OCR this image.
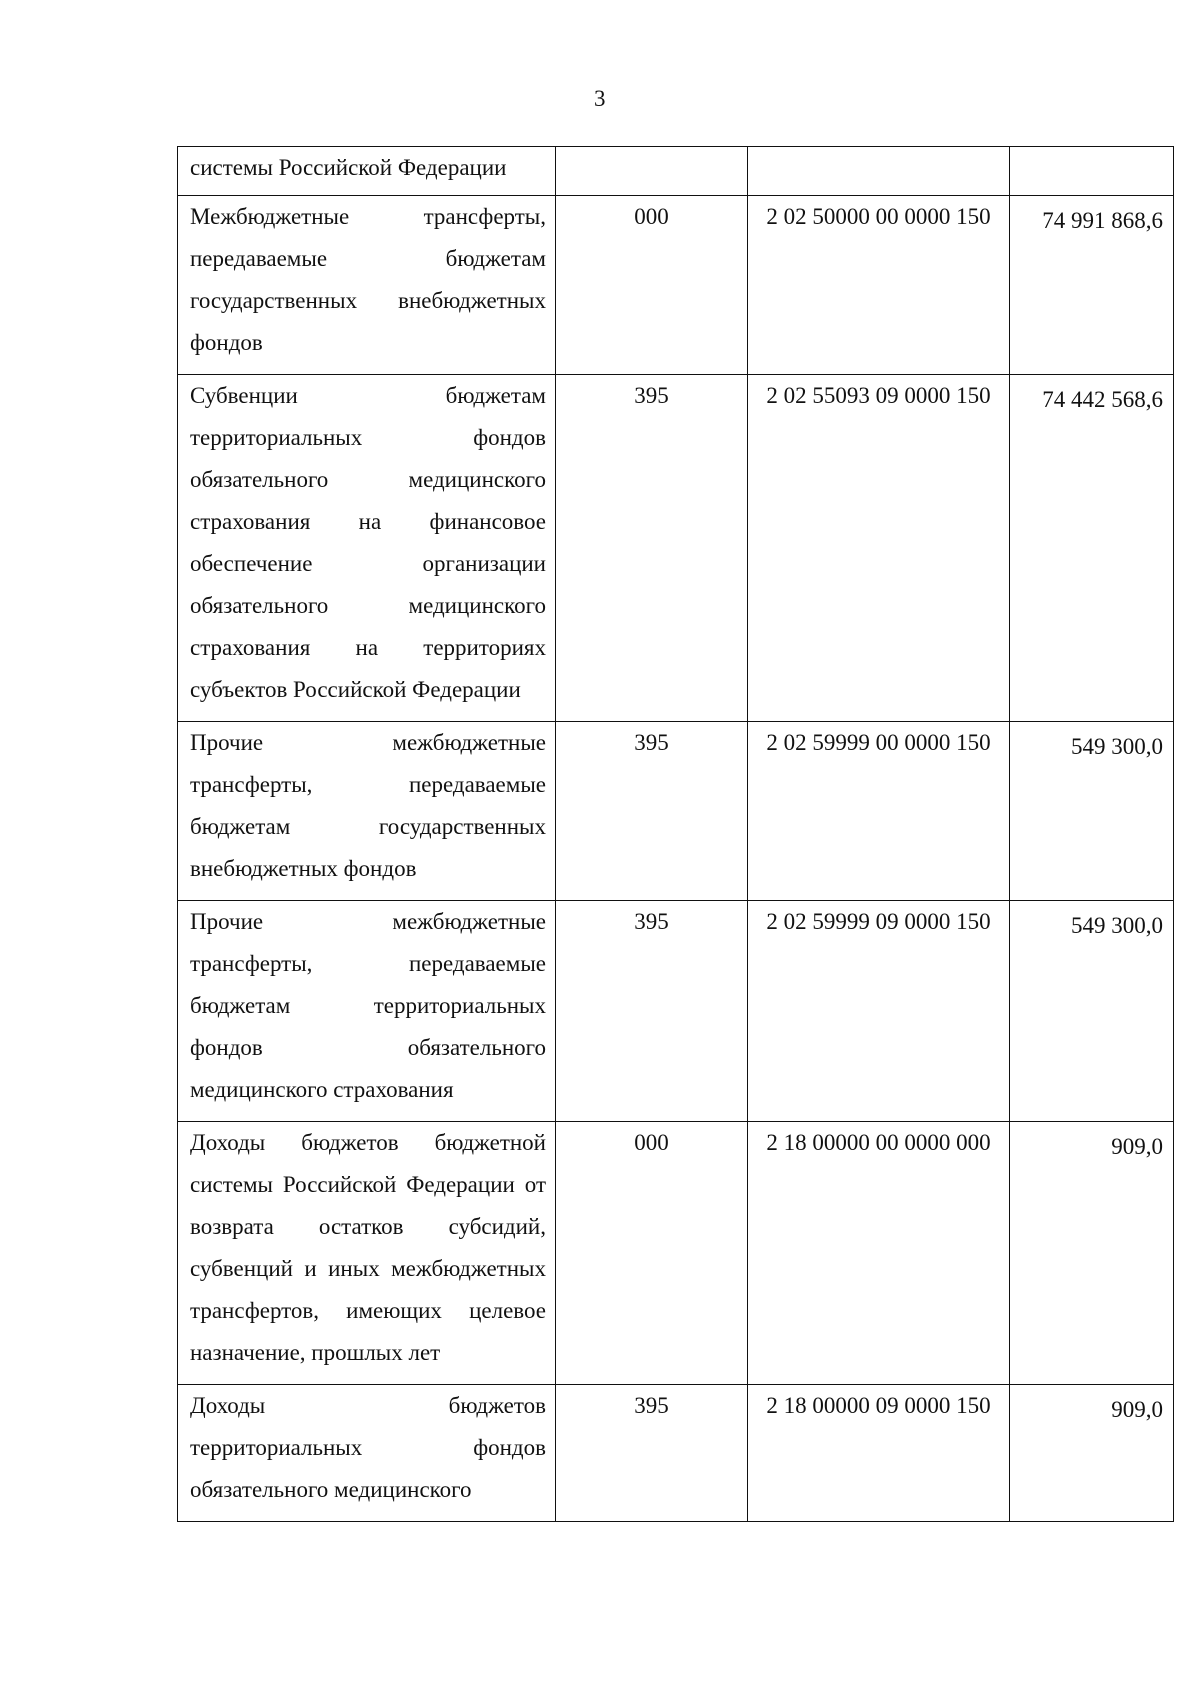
3
системы Российской Федерации			
Межбюджетные трансферты, передаваемые бюджетам государственных внебюджетных фондов	000	2 02 50000 00 0000 150	74 991 868,6
Субвенции бюджетам территориальных фондов обязательного медицинского страхования на финансовое обеспечение организации обязательного медицинского страхования на территориях субъектов Российской Федерации	395	2 02 55093 09 0000 150	74 442 568,6
Прочие межбюджетные трансферты, передаваемые бюджетам государственных внебюджетных фондов	395	2 02 59999 00 0000 150	549 300,0
Прочие межбюджетные трансферты, передаваемые бюджетам территориальных фондов обязательного медицинского страхования	395	2 02 59999 09 0000 150	549 300,0
Доходы бюджетов бюджетной системы Российской Федерации от возврата остатков субсидий, субвенций и иных межбюджетных трансфертов, имеющих целевое назначение, прошлых лет	000	2 18 00000 00 0000 000	909,0
Доходы бюджетов территориальных фондов обязательного медицинского	395	2 18 00000 09 0000 150	909,0
